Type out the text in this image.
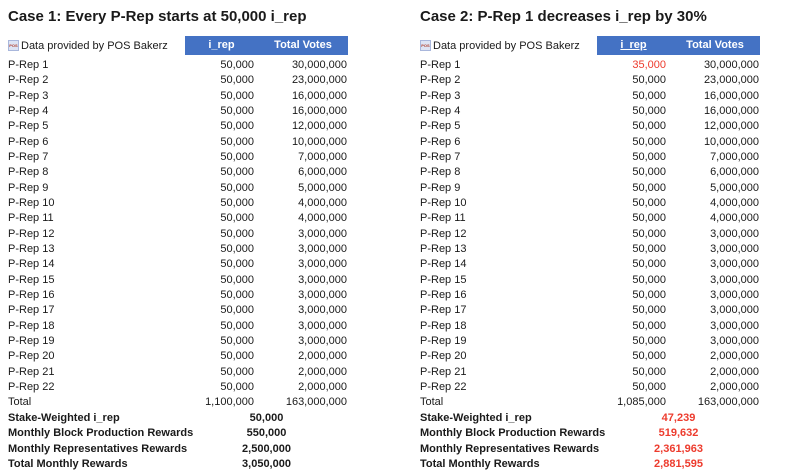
Case 1: Every P-Rep starts at 50,000 i_rep
POS Data provided by POS Bakerz	i_rep	Total Votes
P-Rep 1	50,000	30,000,000
P-Rep 2	50,000	23,000,000
P-Rep 3	50,000	16,000,000
P-Rep 4	50,000	16,000,000
P-Rep 5	50,000	12,000,000
P-Rep 6	50,000	10,000,000
P-Rep 7	50,000	7,000,000
P-Rep 8	50,000	6,000,000
P-Rep 9	50,000	5,000,000
P-Rep 10	50,000	4,000,000
P-Rep 11	50,000	4,000,000
P-Rep 12	50,000	3,000,000
P-Rep 13	50,000	3,000,000
P-Rep 14	50,000	3,000,000
P-Rep 15	50,000	3,000,000
P-Rep 16	50,000	3,000,000
P-Rep 17	50,000	3,000,000
P-Rep 18	50,000	3,000,000
P-Rep 19	50,000	3,000,000
P-Rep 20	50,000	2,000,000
P-Rep 21	50,000	2,000,000
P-Rep 22	50,000	2,000,000
Total	1,100,000	163,000,000
Stake-Weighted i_rep	50,000
Monthly Block Production Rewards	550,000
Monthly Representatives Rewards	2,500,000
Total Monthly Rewards	3,050,000
Case 2: P-Rep 1 decreases i_rep by 30%
POS Data provided by POS Bakerz	i_rep	Total Votes
P-Rep 1	35,000	30,000,000
P-Rep 2	50,000	23,000,000
P-Rep 3	50,000	16,000,000
P-Rep 4	50,000	16,000,000
P-Rep 5	50,000	12,000,000
P-Rep 6	50,000	10,000,000
P-Rep 7	50,000	7,000,000
P-Rep 8	50,000	6,000,000
P-Rep 9	50,000	5,000,000
P-Rep 10	50,000	4,000,000
P-Rep 11	50,000	4,000,000
P-Rep 12	50,000	3,000,000
P-Rep 13	50,000	3,000,000
P-Rep 14	50,000	3,000,000
P-Rep 15	50,000	3,000,000
P-Rep 16	50,000	3,000,000
P-Rep 17	50,000	3,000,000
P-Rep 18	50,000	3,000,000
P-Rep 19	50,000	3,000,000
P-Rep 20	50,000	2,000,000
P-Rep 21	50,000	2,000,000
P-Rep 22	50,000	2,000,000
Total	1,085,000	163,000,000
Stake-Weighted i_rep	47,239
Monthly Block Production Rewards	519,632
Monthly Representatives Rewards	2,361,963
Total Monthly Rewards	2,881,595
